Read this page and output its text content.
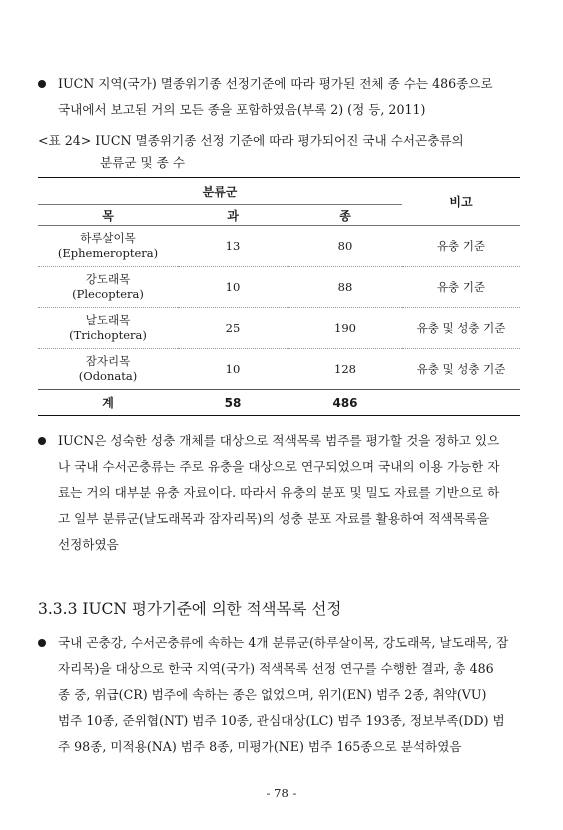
IUCN 지역(국가) 멸종위기종 선정기준에 따라 평가된 전체 종 수는 486종으로
국내에서 보고된 거의 모든 종을 포함하였음(부록 2) (정 등, 2011)
<표 24> IUCN 멸종위기종 선정 기준에 따라 평가되어진 국내 수서곤충류의
분류군 및 종 수
분류군			비고
목	과	종	

하루살이목
(Ephemeroptera)	13	80	유충 기준

강도래목
(Plecoptera)	10	88	유충 기준

날도래목
(Trichoptera)	25	190	유충 및 성충 기준

잠자리목
(Odonata)	10	128	유충 및 성충 기준
계	58	486	
IUCN은 성숙한 성충 개체를 대상으로 적색목록 범주를 평가할 것을 정하고 있으
나 국내 수서곤충류는 주로 유충을 대상으로 연구되었으며 국내의 이용 가능한 자
료는 거의 대부분 유충 자료이다. 따라서 유충의 분포 및 밀도 자료를 기반으로 하
고 일부 분류군(날도래목과 잠자리목)의 성충 분포 자료를 활용하여 적색목록을
선정하였음
3.3.3 IUCN 평가기준에 의한 적색목록 선정
국내 곤충강, 수서곤충류에 속하는 4개 분류군(하루살이목, 강도래목, 날도래목, 잠
자리목)을 대상으로 한국 지역(국가) 적색목록 선정 연구를 수행한 결과, 총 486
종 중, 위급(CR) 범주에 속하는 종은 없었으며, 위기(EN) 범주 2종, 취약(VU)
범주 10종, 준위협(NT) 범주 10종, 관심대상(LC) 범주 193종, 정보부족(DD) 범
주 98종, 미적용(NA) 범주 8종, 미평가(NE) 범주 165종으로 분석하였음
- 78 -
